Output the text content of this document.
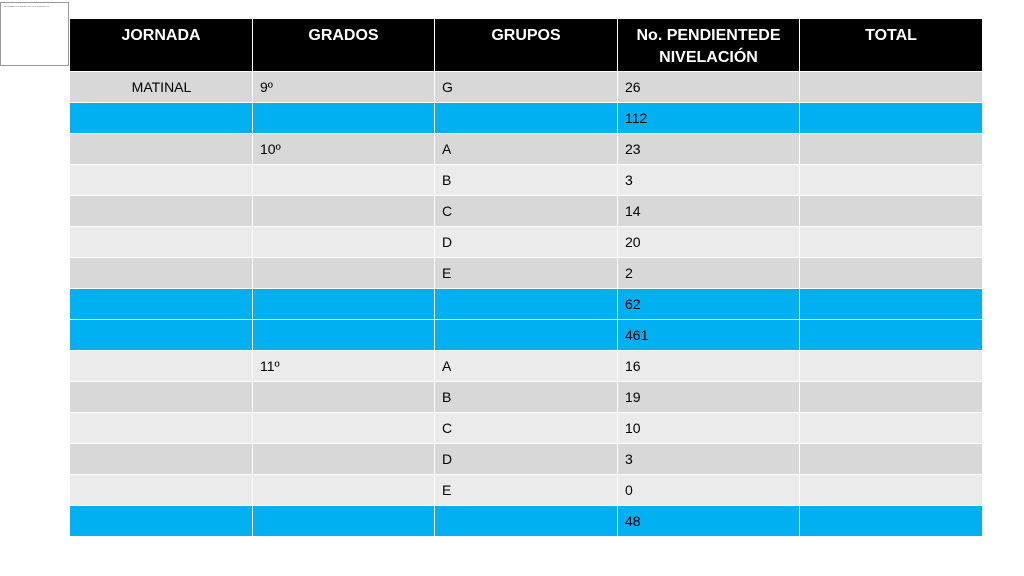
ESTUDIANTES PENDIENTES POR NIVELACIÓN
JORNADA	GRADOS	GRUPOS	No. PENDIENTEDE NIVELACIÓN	TOTAL
MATINAL	9º	G	26	
			112	
	10º	A	23	
		B	3	
		C	14	
		D	20	
		E	2	
			62	
			461	
	11º	A	16	
		B	19	
		C	10	
		D	3	
		E	0	
			48	
